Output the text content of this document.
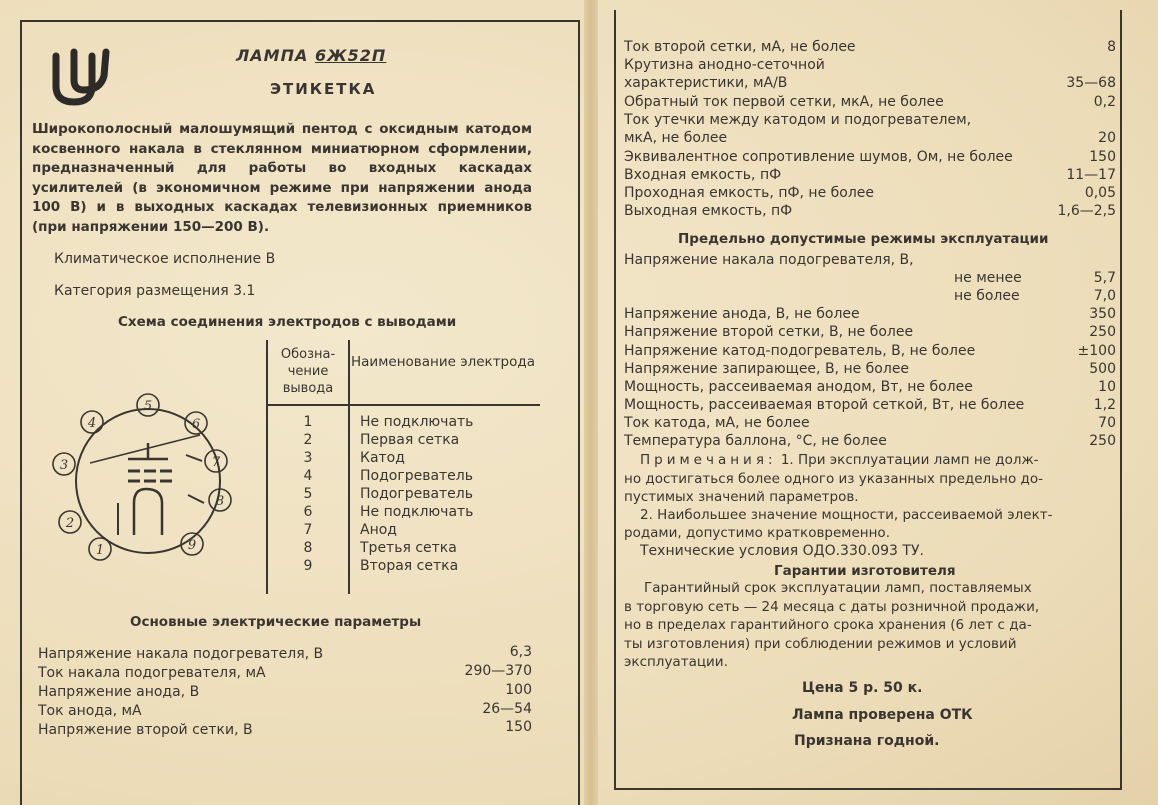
ЛАМПА 6Ж52П
ЭТИКЕТКА
Широкополосный малошумящий пентод с оксидным катодом косвенного накала в стеклянном миниатюрном сформлении, предназначенный для работы во входных каскадах усилителей (в экономичном режиме при напряжении анода 100 В) и в выходных каскадах телевизионных приемников (при напряжении 150—200 В).
Климатическое исполнение В
Категория размещения 3.1
Схема соединения электродов с выводами
1
2
3
4
5
6
7
8
9
Обозна-чение вывода
Наименование электрода
1	Не подключать
2	Первая сетка
3	Катод
4	Подогреватель
5	Подогреватель
6	Не подключать
7	Анод
8	Третья сетка
9	Вторая сетка
Основные электрические параметры
Напряжение накала подогревателя, В	6,3
Ток накала подогревателя, мА	290—370
Напряжение анода, В	100
Ток анода, мА	26—54
Напряжение второй сетки, В	150
Ток второй сетки, мА, не более	8
Крутизна анодно-сеточной
характеристики, мА/В	35—68
Обратный ток первой сетки, мкА, не более	0,2
Ток утечки между катодом и подогревателем,
мкА, не более	20
Эквивалентное сопротивление шумов, Ом, не более	150
Входная емкость, пФ	11—17
Проходная емкость, пФ, не более	0,05
Выходная емкость, пФ	1,6—2,5
Предельно допустимые режимы эксплуатации
Напряжение накала подогревателя, В,
не менее	5,7
не более	7,0
Напряжение анода, В, не более	350
Напряжение второй сетки, В, не более	250
Напряжение катод-подогреватель, В, не более	±100
Напряжение запирающее, В, не более	500
Мощность, рассеиваемая анодом, Вт, не более	10
Мощность, рассеиваемая второй сеткой, Вт, не более	1,2
Ток катода, мА, не более	70
Температура баллона, °С, не более	250
Примечания: 1. При эксплуатации ламп не долж-
но достигаться более одного из указанных предельно до-
пустимых значений параметров.
2. Наибольшее значение мощности, рассеиваемой элект-
родами, допустимо кратковременно.
Технические условия ОДО.330.093 ТУ.
Гарантии изготовителя
Гарантийный срок эксплуатации ламп, поставляемых
в торговую сеть — 24 месяца с даты розничной продажи,
но в пределах гарантийного срока хранения (6 лет с да-
ты изготовления) при соблюдении режимов и условий
эксплуатации.
Цена 5 р. 50 к.
Лампа проверена ОТК
Признана годной.
